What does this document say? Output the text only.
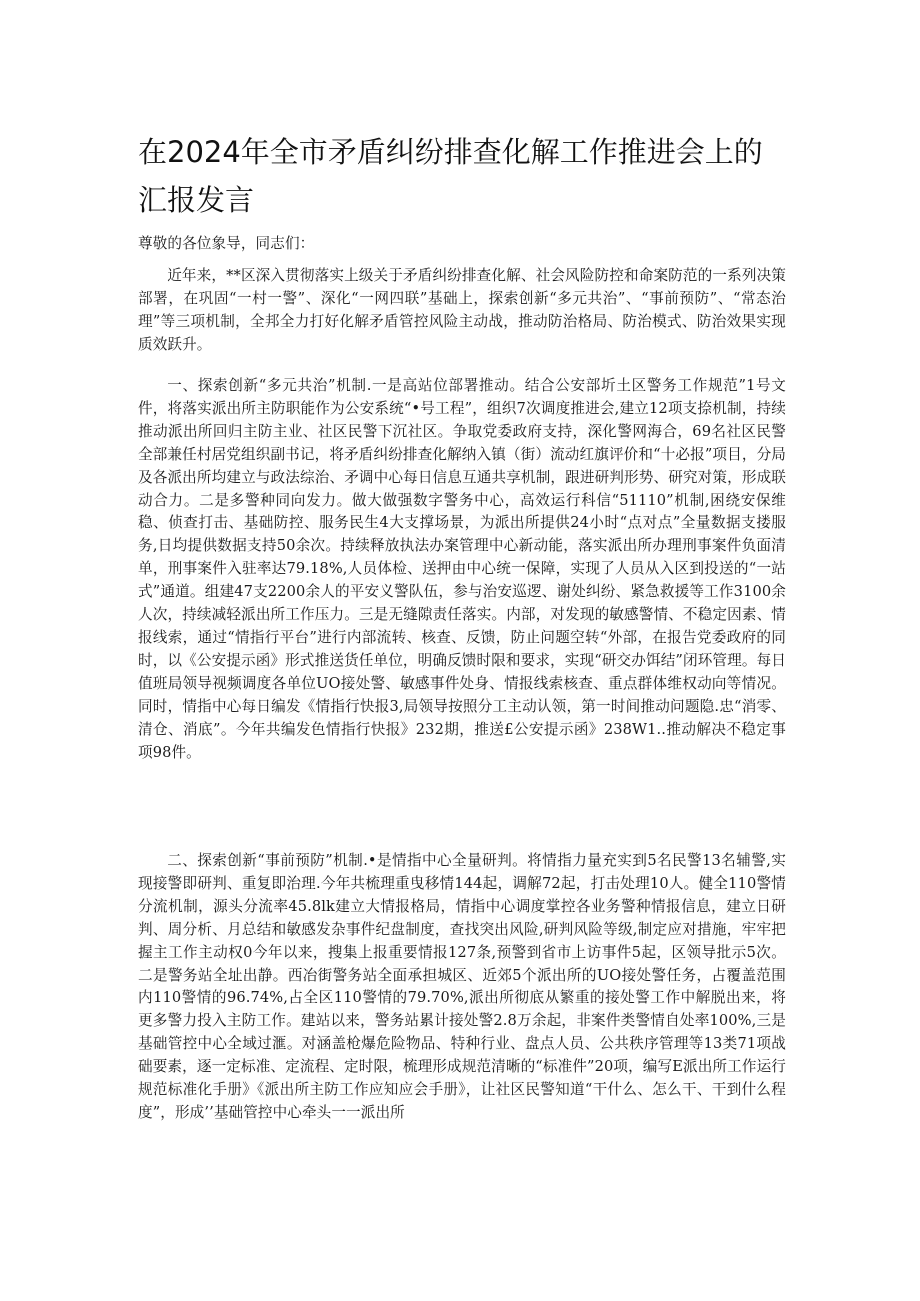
在2024年全市矛盾纠纷排查化解工作推进会上的汇报发言

尊敬的各位象导，同志们：

近年来，**区深入贯彻落实上级关于矛盾纠纷排查化解、社会风险防控和命案防范的一系列决策部署，在巩固“一村一警”、深化“一网四联”基础上，探索创新“多元共治”、“事前预防”、“常态治理”等三项机制，全邦全力打好化解矛盾管控风险主动战，推动防治格局、防治模式、防治效果实现质效跃升。

一、探索创新“多元共治”机制.一是高站位部署推动。结合公安部圻土区警务工作规范”1号文件，将落实派出所主防职能作为公安系统“•号工程”，组织7次调度推进会,建立12项支捺机制，持续推动派出所回归主防主业、社区民警下沉社区。争取党委政府支持，深化警网海合，69名社区民警全部兼任村居党组织副书记，将矛盾纠纷排查化解纳入镇（街）流动红旗评价和“十必报”项目，分局及各派出所均建立与政法综治、矛调中心每日信息互通共享机制，跟进研判形势、研究对策，形成联动合力。二是多警种同向发力。做大做强数字警务中心，高效运行科信“51110”机制,困绕安保维稳、侦查打击、基础防控、服务民生4大支撑场景，为派出所提供24小时“点对点”全量数据支搂服务,日均提供数据支持50余次。持续释放执法办案管理中心新动能，落实派出所办理刑事案件负面清单，刑事案件入驻率达79.18%,人员体检、送押由中心统一保障，实现了人员从入区到投送的“一站式”通道。组建47支2200余人的平安义警队伍，参与治安巡逻、谢处纠纷、紧急救援等工作3100余人次，持续减轻派出所工作压力。三是无缝隙责任落实。内部，对发现的敏感警情、不稳定因素、情报线索，通过“情指行平台”进行内部流转、核查、反馈，防止问题空转“外部，在报告党委政府的同时，以《公安提示函》形式推送货任单位，明确反馈时限和要求，实现“研交办饵结”闭环管理。每日值班局领导视频调度各单位UO接处警、敏感事件处身、情报线索核查、重点群体维权动向等情况。同时，情指中心每日编发《情指行快报3,局领导按照分工主动认领，第一时间推动问题隐.忠“消零、清仓、消底”。今年共编发色情指行快报》232期，推送£公安提示函》238W1..推动解决不稳定事项98件。

二、探索创新“事前预防”机制.•是情指中心全量研判。将情指力量充实到5名民警13名辅警,实现接警即研判、重复即治理.今年共梳理重曳移情144起，调解72起，打击处理10人。健全110警情分流机制，源头分流率45.8lk建立大情报格局，情指中心调度掌控各业务警种情报信息，建立日研判、周分析、月总结和敏感发杂事件纪盘制度，查找突出风险,研判风险等级,制定应对措施，牢牢把握主工作主动权0今年以来，搜集上报重要情报127条,预警到省市上访事件5起，区领导批示5次。二是警务站全址出静。西冶街警务站全面承担城区、近郊5个派出所的UO接处警任务，占覆盖范围内110警情的96.74%,占全区110警情的79.70%,派出所彻底从繁重的接处警工作中解脱出来，将更多警力投入主防工作。建站以来，警务站累计接处警2.8万余起，非案件类警情自处率100%,三是基础管控中心全域过滙。对涵盖枪爆危险物品、特种行业、盘点人员、公共秩序管理等13类71项战础要素，逐一定标准、定流程、定时限，梳理形成规范清晰的“标准件”20项，编写E派出所工作运行规范标准化手册》《派出所主防工作应知应会手册》，让社区民警知道“干什么、怎么干、干到什么程度”，形成’’基础管控中心牵头一一派出所
